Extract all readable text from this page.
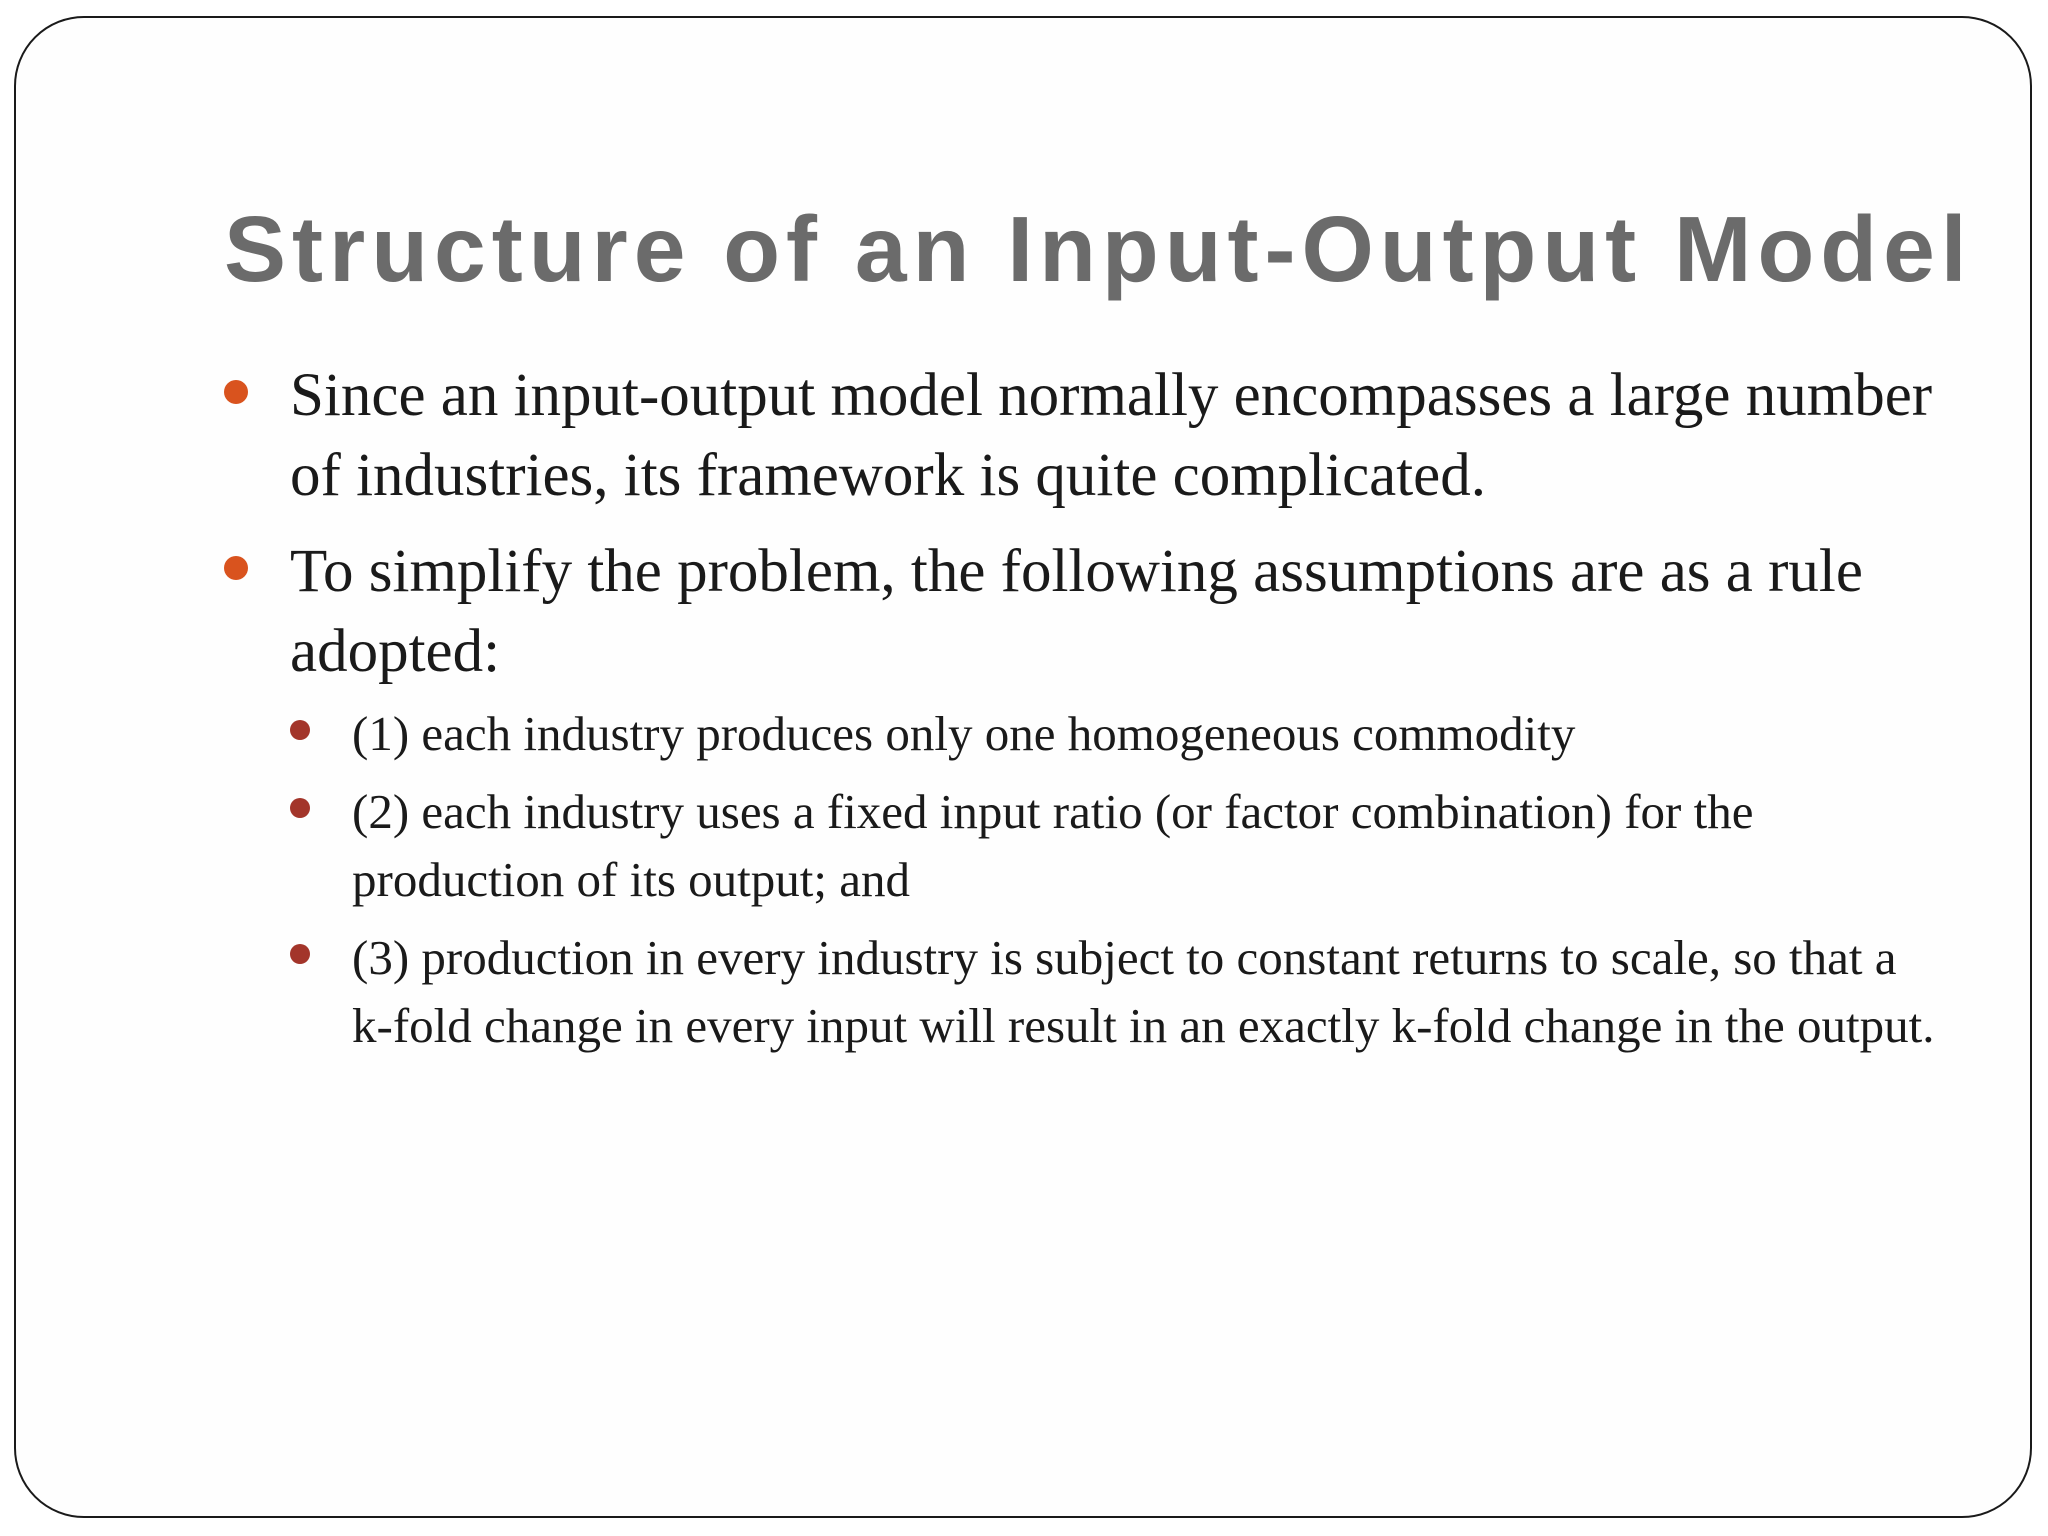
Structure of an Input-Output Model
Since an input-output model normally encompasses a large number of industries, its framework is quite complicated.
To simplify the problem, the following assumptions are as a rule adopted:
(1) each industry produces only one homogeneous commodity
(2) each industry uses a fixed input ratio (or factor combination) for the production of its output; and
(3) production in every industry is subject to constant returns to scale, so that a k-fold change in every input will result in an exactly k-fold change in the output.
